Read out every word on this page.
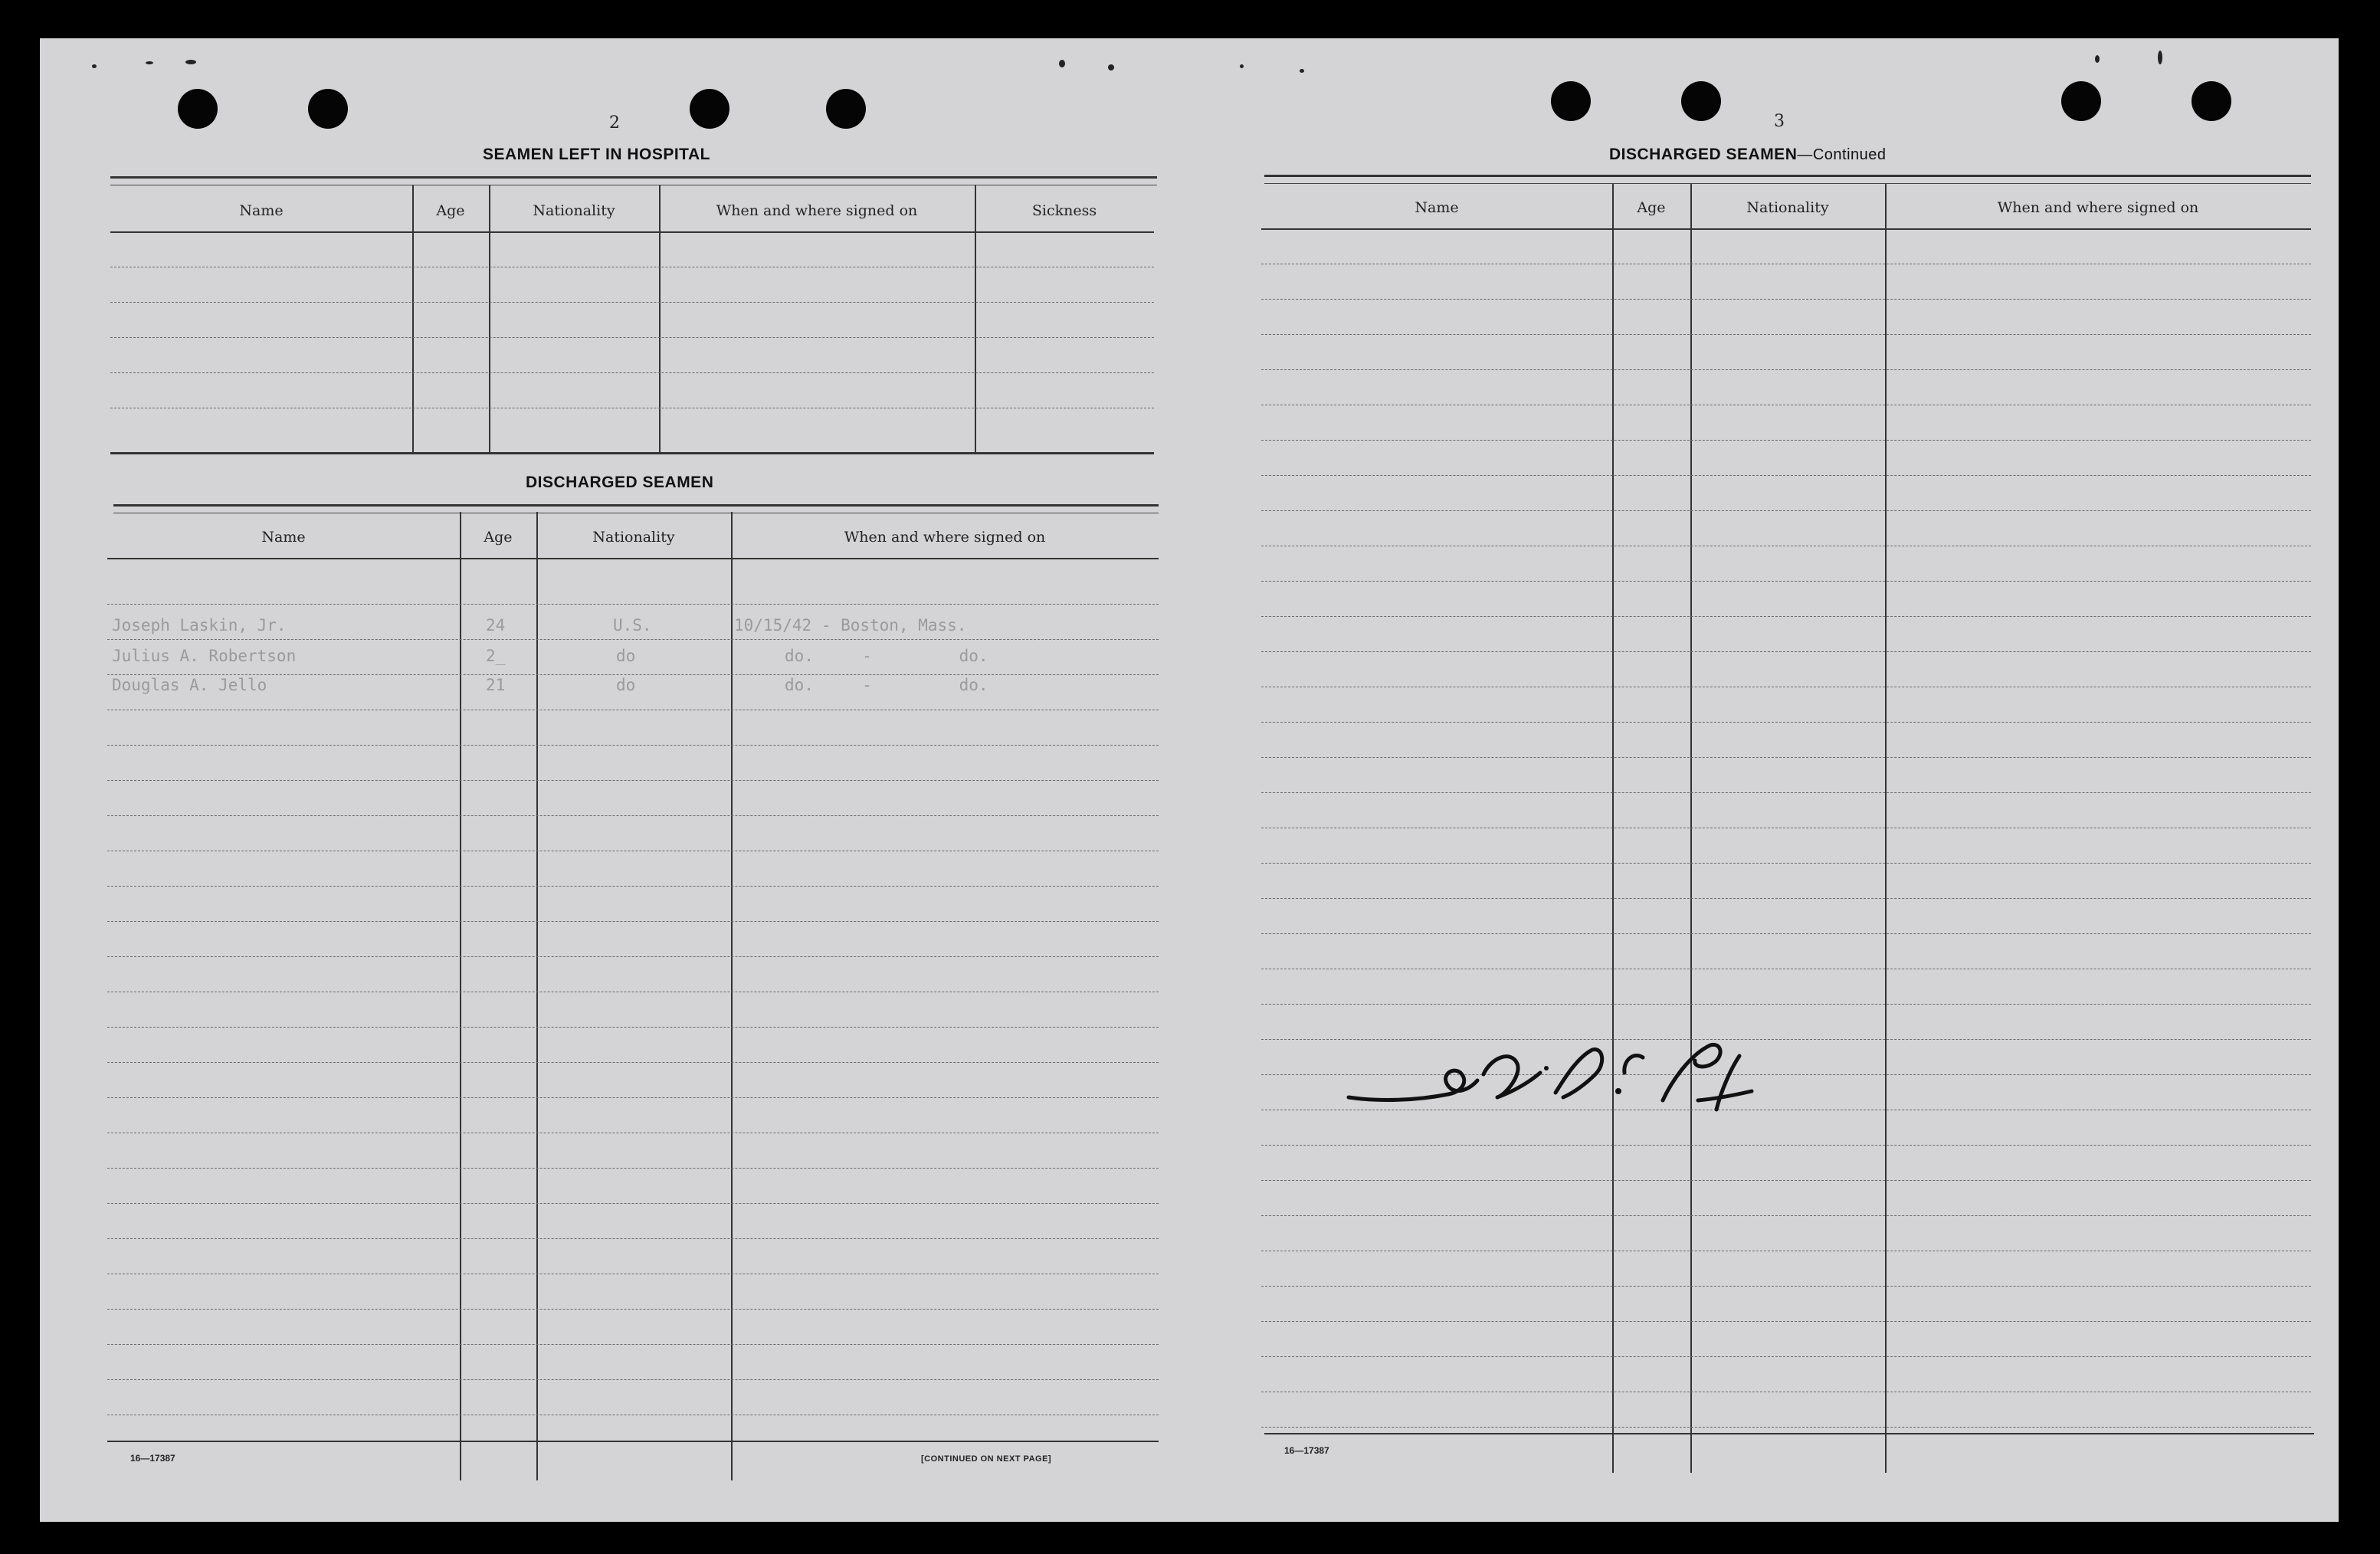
2
SEAMEN LEFT IN HOSPITAL
Name	Age	Nationality	When and where signed on	Sickness
DISCHARGED SEAMEN
Name	Age	Nationality	When and where signed on
Joseph Laskin, Jr.	24	U.S.	10/15/42 - Boston, Mass.
Julius A. Robertson	2_	do	do.     -         do.
Douglas A. Jello	21	do	do.     -         do.
16—17387	[CONTINUED ON NEXT PAGE]
3
DISCHARGED SEAMEN—Continued
Name	Age	Nationality	When and where signed on
16—17387
